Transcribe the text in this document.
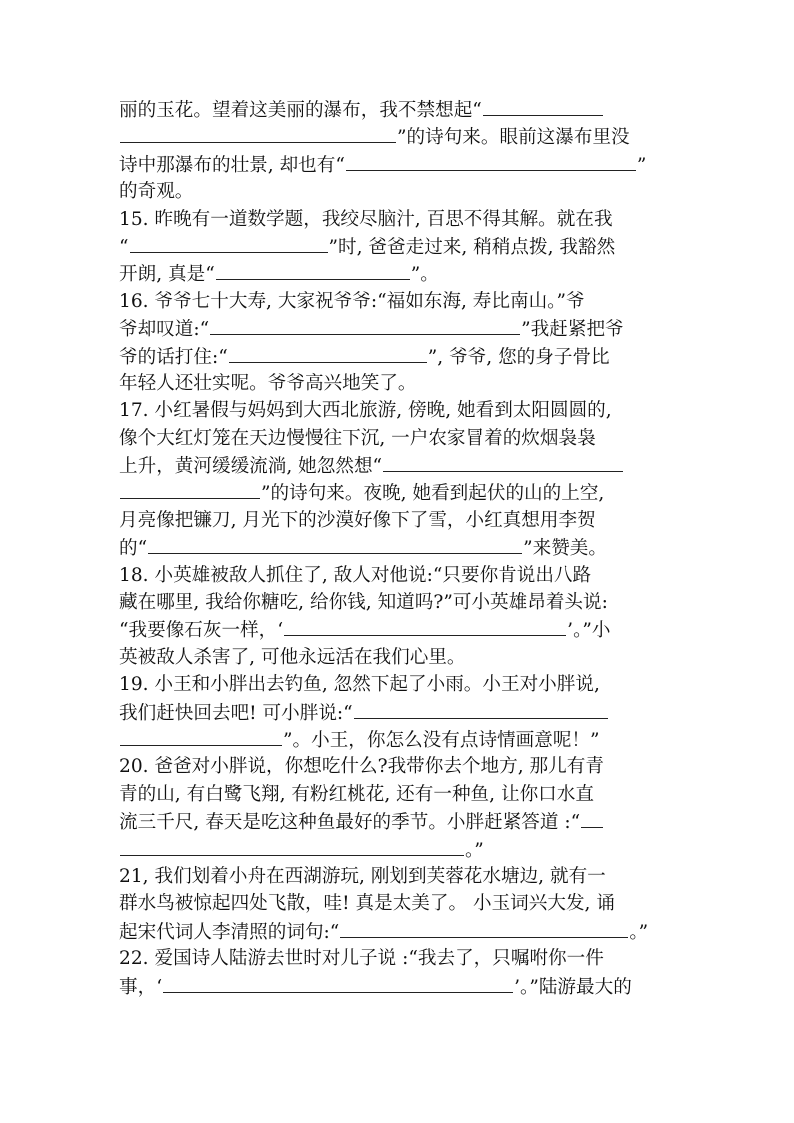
丽的玉花。望着这美丽的瀑布，我不禁想起“
”的诗句来。眼前这瀑布里没
诗中那瀑布的壮景, 却也有“	”
的奇观。
15. 昨晚有一道数学题，我绞尽脑汁, 百思不得其解。就在我
“	”时, 爸爸走过来, 稍稍点拨, 我豁然
开朗, 真是“	”。
16. 爷爷七十大寿, 大家祝爷爷:“福如东海, 寿比南山。”爷
爷却叹道:“	”我赶紧把爷
爷的话打住:“	”, 爷爷, 您的身子骨比
年轻人还壮实呢。爷爷高兴地笑了。
17. 小红暑假与妈妈到大西北旅游, 傍晚, 她看到太阳圆圆的,
像个大红灯笼在天边慢慢往下沉, 一户农家冒着的炊烟袅袅
上升，黄河缓缓流淌, 她忽然想“
”的诗句来。夜晚, 她看到起伏的山的上空,
月亮像把镰刀, 月光下的沙漠好像下了雪，小红真想用李贺
的“	”来赞美。
18. 小英雄被敌人抓住了, 敌人对他说:“只要你肯说出八路
藏在哪里, 我给你糖吃, 给你钱, 知道吗?”可小英雄昂着头说:
“我要像石灰一样，‘	’。”小
英被敌人杀害了, 可他永远活在我们心里。
19. 小王和小胖出去钓鱼, 忽然下起了小雨。小王对小胖说,
我们赶快回去吧! 可小胖说:“
”。小王，你怎么没有点诗情画意呢！”
20. 爸爸对小胖说，你想吃什么?我带你去个地方, 那儿有青
青的山, 有白鹭飞翔, 有粉红桃花, 还有一种鱼, 让你口水直
流三千尺, 春天是吃这种鱼最好的季节。小胖赶紧答道 :“
。”
21, 我们划着小舟在西湖游玩, 刚划到芙蓉花水塘边, 就有一
群水鸟被惊起四处飞散，哇! 真是太美了。 小玉词兴大发, 诵
起宋代词人李清照的词句:“	。”
22. 爱国诗人陆游去世时对儿子说 :“我去了，只嘱咐你一件
事，‘	’。”陆游最大的
